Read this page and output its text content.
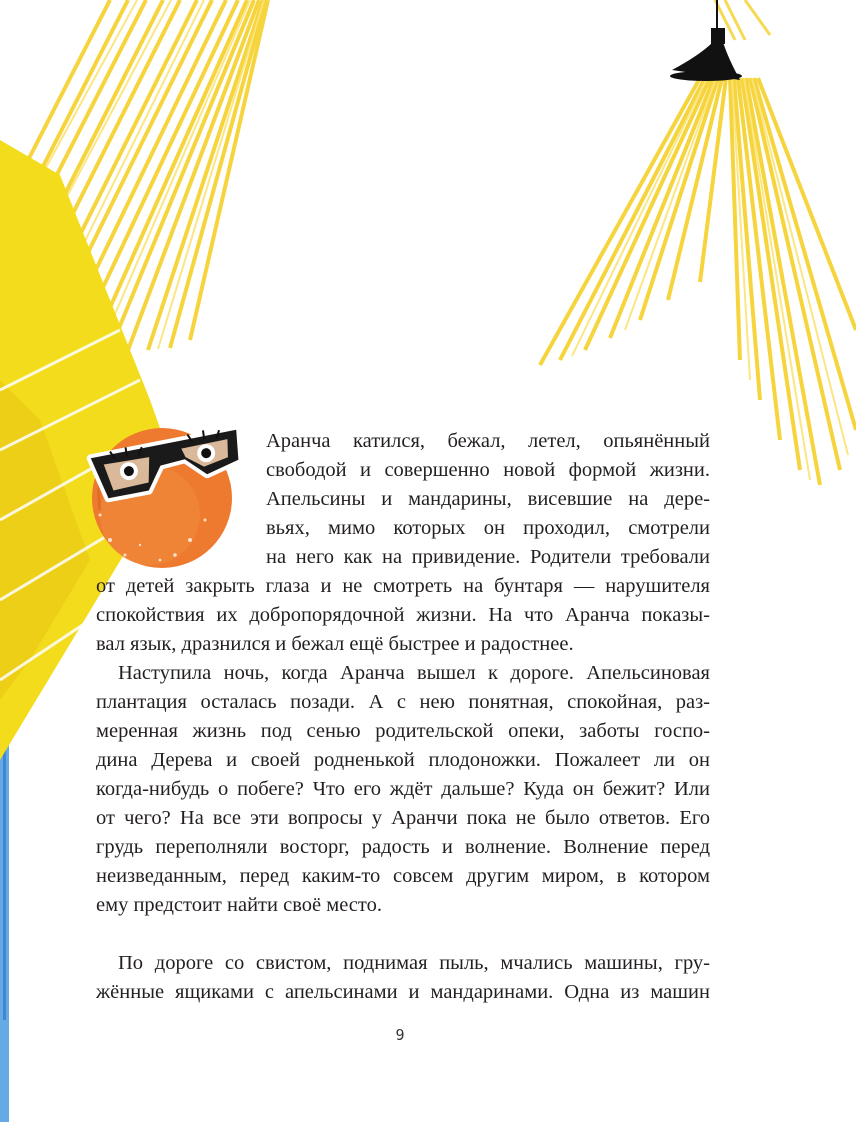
Аранча катился, бежал, летел, опьянённый
свободой и совершенно новой формой жизни.
Апельсины и мандарины, висевшие на дере-
вьях, мимо которых он проходил, смотрели
на него как на привидение. Родители требовали
от детей закрыть глаза и не смотреть на бунтаря — нарушителя
спокойствия их добропорядочной жизни. На что Аранча показы-
вал язык, дразнился и бежал ещё быстрее и радостнее.
Наступила ночь, когда Аранча вышел к дороге. Апельсиновая
плантация осталась позади. А с нею понятная, спокойная, раз-
меренная жизнь под сенью родительской опеки, заботы госпо-
дина Дерева и своей родненькой плодоножки. Пожалеет ли он
когда-нибудь о побеге? Что его ждёт дальше? Куда он бежит? Или
от чего? На все эти вопросы у Аранчи пока не было ответов. Его
грудь переполняли восторг, радость и волнение. Волнение перед
неизведанным, перед каким-то совсем другим миром, в котором
ему предстоит найти своё место.
По дороге со свистом, поднимая пыль, мчались машины, гру-
жённые ящиками с апельсинами и мандаринами. Одна из машин
9
